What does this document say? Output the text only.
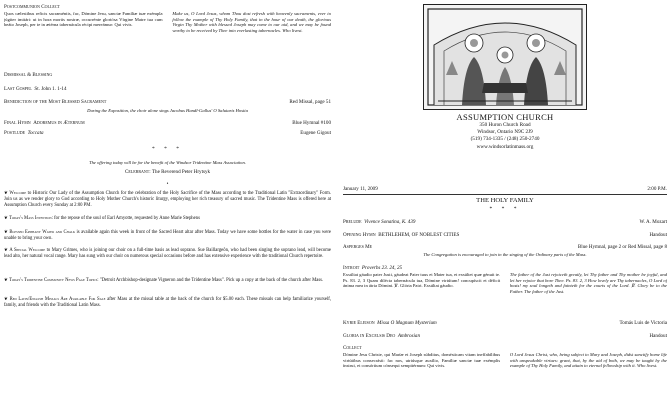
Postcommunion Collect
Quos cælestibus reficis sacraméntis, fac, Dómine Jesu, sanctæ Famíliæ tuæ exémpla júgiter imitári: ut in hora mortis nostræ, occurrénte gloriósa Vírgine Matre tua cum beáto Joseph, per te in ætérna tabernácula récipi mereámur: Qui vivis.
Make us, O Lord Jesus, whom Thou dost refresh with heavenly sacraments, ever to follow the example of Thy Holy Family, that in the hour of our death, the glorious Virgin Thy Mother with blessed Joseph may come to our aid, and we may be found worthy to be received by Thee into everlasting tabernacles. Who livest.
Dismissal & Blessing
Last Gospel St. John 1. 1-14
Benediction of the Most Blessed Sacrament	Red Missal, page 51
During the Exposition, the choir alone sings Jacobus Handl-Gallus' O Salutaris Hostia
Final Hymn Adoremus in Æternum	Blue Hymnal #100
Postlude Toccata	Eugene Gigout
* * *
The offering today will be for the benefit of the Windsor Tridentine Mass Association.
Celebrant: The Reverend Peter Hrytsyk
•
❦ Welcome to Historic Our Lady of the Assumption Church for the celebration of the Holy Sacrifice of the Mass according to the Traditional Latin "Extraordinary" Form. Join us as we render glory to God according to Holy Mother Church's historic liturgy, employing her rich treasury of sacred music. The Tridentine Mass is offered here at Assumption Church every Sunday at 2:00 PM.
❦ Today's Mass Intention: for the repose of the soul of Earl Amyotte, requested by Anne Marie Stephens
❦ Blessed Epiphany Water and Chalk is available again this week in front of the Sacred Heart altar after Mass. Today we have some bottles for the water in case you were unable to bring your own.
❦ A Special Welcome to Mary Grimes, who is joining our choir on a full-time basis as lead soprano. Sue Baillargeôn, who had been singing the soprano lead, will become lead alto, her natural vocal range. Mary has sung with our choir on numerous special occasions before and has extensive experience with the traditional Church repertoire.
❦ Today's Tridentine Community News Page Topics: "Detroit Archbishop-designate Vigneron and the Tridentine Mass". Pick up a copy at the back of the church after Mass.
❦ Red Latin/English Missals Are Available For Sale after Mass at the missal table at the back of the church for $5.00 each. These missals can help familiarize yourself, family, and friends with the Traditional Latin Mass.
ASSUMPTION CHURCH
350 Huron Church Road
Windsor, Ontario N9C 2J9
(519) 734-1335 / (248) 250-2740
www.windsorlatinmass.org
January 11, 2009	2:00 P.M.
THE HOLY FAMILY
* * *
Prelude Vivence Sonatina, K. 439	W. A. Mozart
Opening Hymn BETHLEHEM, OF NOBLEST CITIES	Handout
Asperges Me	Blue Hymnal, page 2 or Red Missal, page 8
The Congregation is encouraged to join in the singing of the Ordinary parts of the Mass.
Introit Proverbs 23. 24, 25
Exsúltat gáudio pater Justi, gáudeat Pater tuus et Mater tua, et exsúltet quæ génuit te. Ps. 83. 2, 3 Quam dilécta tabernácula tua, Dómine virtútum! concupíscit et déficit ánima mea in átria Dómini. ℣. Glória Patri. Exsúltat gáudio.
The father of the Just rejoiceth greatly, let Thy father and Thy mother be joyful, and let her rejoice that bore Thee. Ps. 83. 2, 3 How lovely are Thy tabernacles, O Lord of hosts! my soul longeth and fainteth for the courts of the Lord. ℣. Glory be to the Father. The father of the Just.
Kyrie Eleison Missa O Magnum Mysterium	Tomás Luis de Victoria
Gloria in Excelsis Deo Ambrosian	Handout
Collect
Dómine Jesu Christe, qui Maríæ et Joseph súbditus, domésticam vitam ineffabílibus virtútibus consecrásti: fac nos, utriúsque auxílio, Famíliæ sanctæ tuæ exémplis ínstrui, et consórtium cónsequi sempitérnum: Qui vivis.
O Lord Jesus Christ, who, being subject to Mary and Joseph, didst sanctify home life with unspeakable virtues: grant, that, by the aid of both, we may be taught by the example of Thy Holy Family, and attain to eternal fellowship with it. Who livest.
